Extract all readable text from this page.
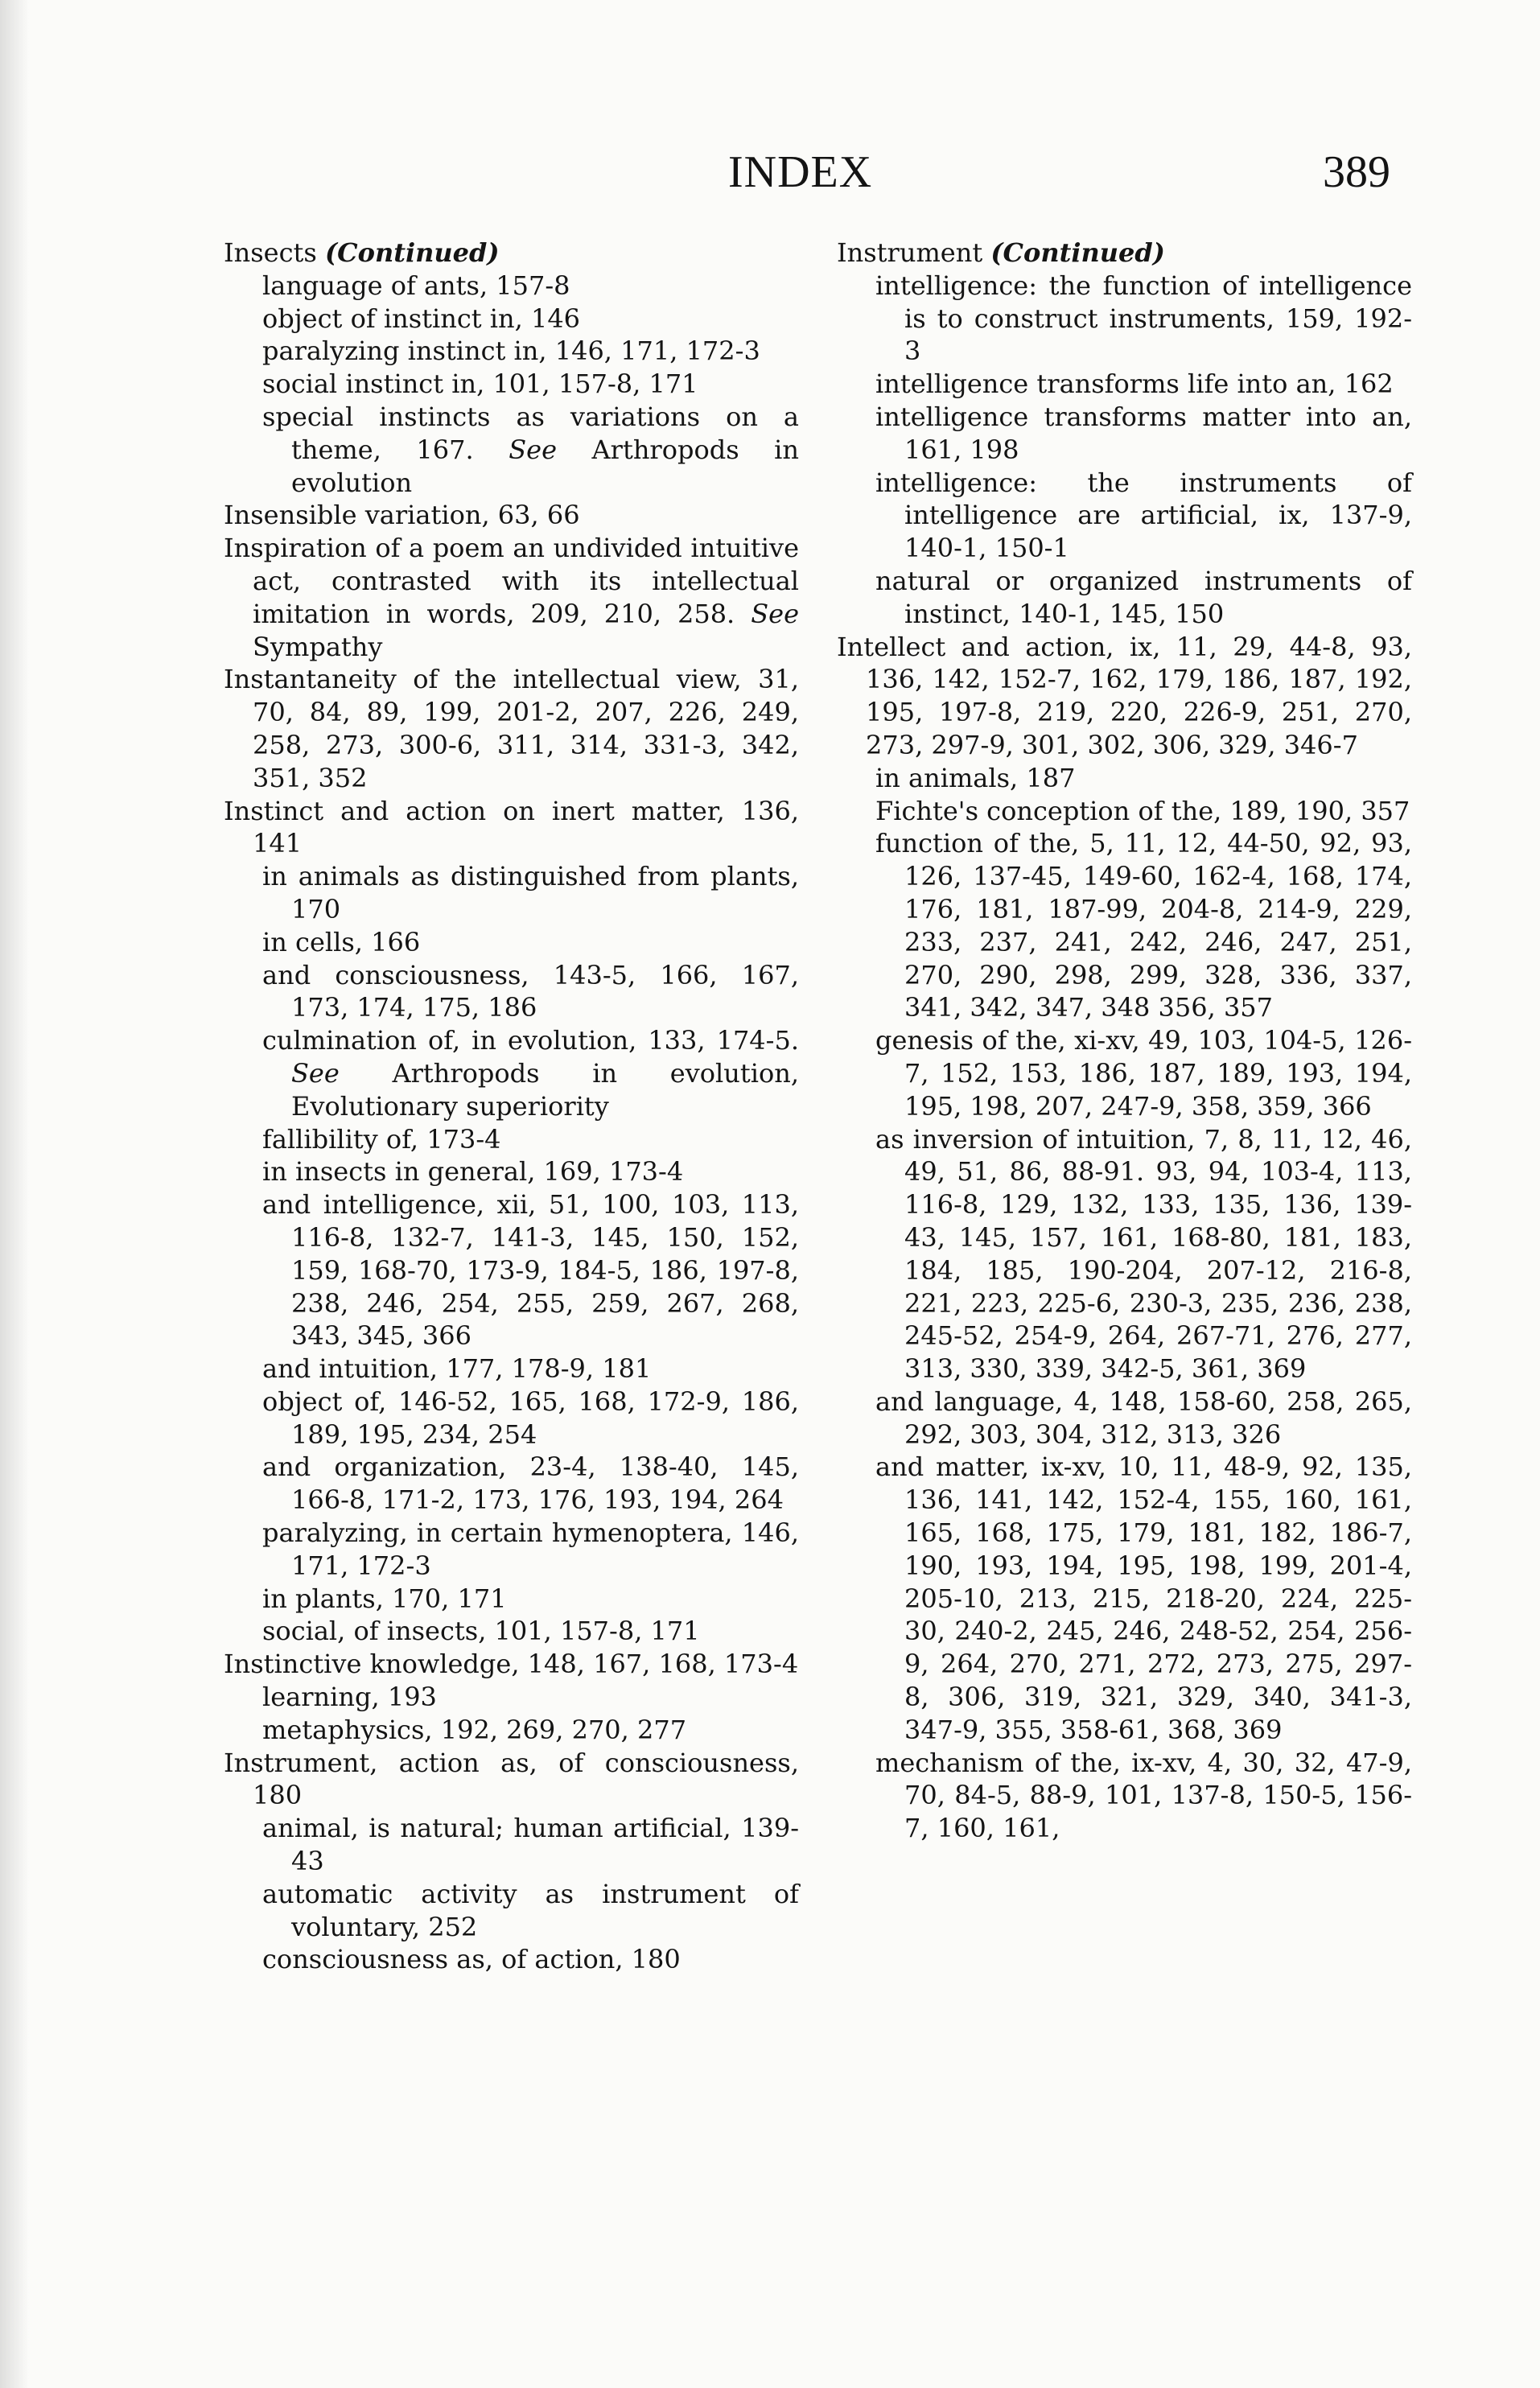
INDEX	389

Insects (Continued)

language of ants, 157-8

object of instinct in, 146

paralyzing instinct in, 146, 171, 172-3

social instinct in, 101, 157-8, 171

special instincts as variations on a theme, 167. See Arthropods in evolution

Insensible variation, 63, 66

Inspiration of a poem an undivided intuitive act, contrasted with its intellectual imitation in words, 209, 210, 258. See Sympathy

Instantaneity of the intellectual view, 31, 70, 84, 89, 199, 201-2, 207, 226, 249, 258, 273, 300-6, 311, 314, 331-3, 342, 351, 352

Instinct and action on inert matter, 136, 141

in animals as distinguished from plants, 170

in cells, 166

and consciousness, 143-5, 166, 167, 173, 174, 175, 186

culmination of, in evolution, 133, 174-5. See Arthropods in evolution, Evolutionary superiority

fallibility of, 173-4

in insects in general, 169, 173-4

and intelligence, xii, 51, 100, 103, 113, 116-8, 132-7, 141-3, 145, 150, 152, 159, 168-70, 173-9, 184-5, 186, 197-8, 238, 246, 254, 255, 259, 267, 268, 343, 345, 366

and intuition, 177, 178-9, 181

object of, 146-52, 165, 168, 172-9, 186, 189, 195, 234, 254

and organization, 23-4, 138-40, 145, 166-8, 171-2, 173, 176, 193, 194, 264

paralyzing, in certain hymenoptera, 146, 171, 172-3

in plants, 170, 171

social, of insects, 101, 157-8, 171

Instinctive knowledge, 148, 167, 168, 173-4

learning, 193

metaphysics, 192, 269, 270, 277

Instrument, action as, of consciousness, 180

animal, is natural; human artificial, 139-43

automatic activity as instrument of voluntary, 252

consciousness as, of action, 180

Instrument (Continued)

intelligence: the function of intelligence is to construct instruments, 159, 192-3

intelligence transforms life into an, 162

intelligence transforms matter into an, 161, 198

intelligence: the instruments of intelligence are artificial, ix, 137-9, 140-1, 150-1

natural or organized instruments of instinct, 140-1, 145, 150

Intellect and action, ix, 11, 29, 44-8, 93, 136, 142, 152-7, 162, 179, 186, 187, 192, 195, 197-8, 219, 220, 226-9, 251, 270, 273, 297-9, 301, 302, 306, 329, 346-7

in animals, 187

Fichte's conception of the, 189, 190, 357

function of the, 5, 11, 12, 44-50, 92, 93, 126, 137-45, 149-60, 162-4, 168, 174, 176, 181, 187-99, 204-8, 214-9, 229, 233, 237, 241, 242, 246, 247, 251, 270, 290, 298, 299, 328, 336, 337, 341, 342, 347, 348 356, 357

genesis of the, xi-xv, 49, 103, 104-5, 126-7, 152, 153, 186, 187, 189, 193, 194, 195, 198, 207, 247-9, 358, 359, 366

as inversion of intuition, 7, 8, 11, 12, 46, 49, 51, 86, 88-91. 93, 94, 103-4, 113, 116-8, 129, 132, 133, 135, 136, 139-43, 145, 157, 161, 168-80, 181, 183, 184, 185, 190-204, 207-12, 216-8, 221, 223, 225-6, 230-3, 235, 236, 238, 245-52, 254-9, 264, 267-71, 276, 277, 313, 330, 339, 342-5, 361, 369

and language, 4, 148, 158-60, 258, 265, 292, 303, 304, 312, 313, 326

and matter, ix-xv, 10, 11, 48-9, 92, 135, 136, 141, 142, 152-4, 155, 160, 161, 165, 168, 175, 179, 181, 182, 186-7, 190, 193, 194, 195, 198, 199, 201-4, 205-10, 213, 215, 218-20, 224, 225-30, 240-2, 245, 246, 248-52, 254, 256-9, 264, 270, 271, 272, 273, 275, 297-8, 306, 319, 321, 329, 340, 341-3, 347-9, 355, 358-61, 368, 369

mechanism of the, ix-xv, 4, 30, 32, 47-9, 70, 84-5, 88-9, 101, 137-8, 150-5, 156-7, 160, 161,
